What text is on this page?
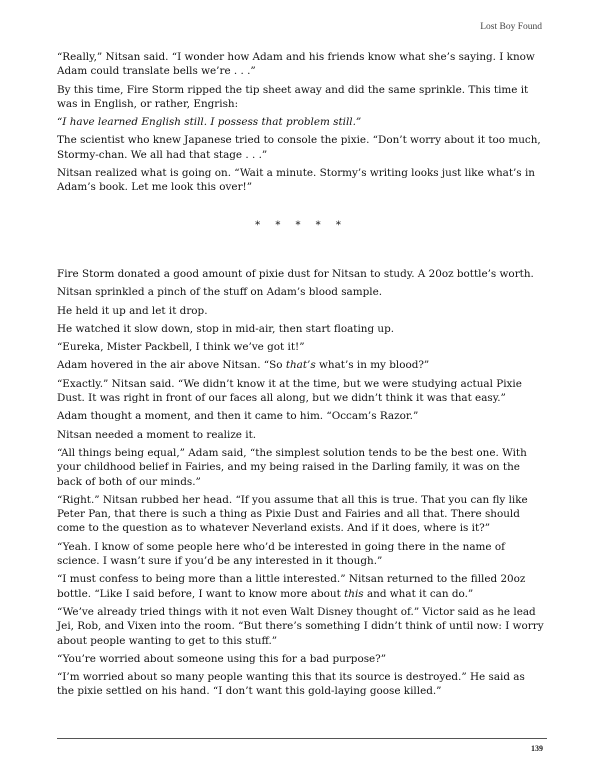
Lost Boy Found

“Really,” Nitsan said. “I wonder how Adam and his friends know what she’s saying. I know Adam could translate bells we’re . . .”

By this time, Fire Storm ripped the tip sheet away and did the same sprinkle. This time it was in English, or rather, Engrish:

“I have learned English still. I possess that problem still.”

The scientist who knew Japanese tried to console the pixie. “Don’t worry about it too much, Stormy-chan. We all had that stage . . .”

Nitsan realized what is going on. “Wait a minute. Stormy’s writing looks just like what’s in Adam’s book. Let me look this over!”

* * * * *

Fire Storm donated a good amount of pixie dust for Nitsan to study. A 20oz bottle’s worth.

Nitsan sprinkled a pinch of the stuff on Adam’s blood sample.

He held it up and let it drop.

He watched it slow down, stop in mid-air, then start floating up.

“Eureka, Mister Packbell, I think we’ve got it!”

Adam hovered in the air above Nitsan. “So that’s what’s in my blood?”

“Exactly.” Nitsan said. “We didn’t know it at the time, but we were studying actual Pixie Dust. It was right in front of our faces all along, but we didn’t think it was that easy.”

Adam thought a moment, and then it came to him. “Occam’s Razor.”

Nitsan needed a moment to realize it.

“All things being equal,” Adam said, “the simplest solution tends to be the best one. With your childhood belief in Fairies, and my being raised in the Darling family, it was on the back of both of our minds.”

“Right.” Nitsan rubbed her head. “If you assume that all this is true. That you can fly like Peter Pan, that there is such a thing as Pixie Dust and Fairies and all that. There should come to the question as to whatever Neverland exists. And if it does, where is it?”

“Yeah. I know of some people here who’d be interested in going there in the name of science. I wasn’t sure if you’d be any interested in it though.”

“I must confess to being more than a little interested.” Nitsan returned to the filled 20oz bottle. “Like I said before, I want to know more about this and what it can do.”

“We’ve already tried things with it not even Walt Disney thought of.” Victor said as he lead Jei, Rob, and Vixen into the room. “But there’s something I didn’t think of until now: I worry about people wanting to get to this stuff.”

“You’re worried about someone using this for a bad purpose?”

“I’m worried about so many people wanting this that its source is destroyed.” He said as the pixie settled on his hand. “I don’t want this gold-laying goose killed.”

139
